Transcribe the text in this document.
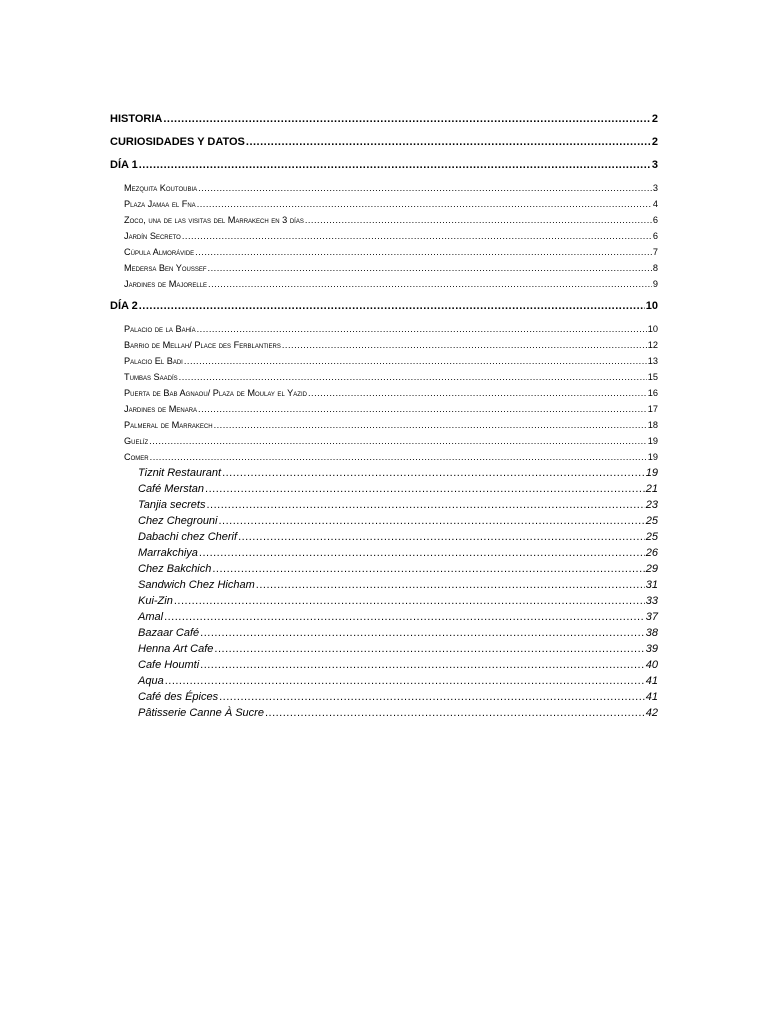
HISTORIA .....	2
CURIOSIDADES Y DATOS .....	2
DÍA 1 .....	3
Mezquita Koutoubia .....	3
Plaza Jamaa el Fna .....	4
Zoco, una de las visitas del Marrakech en 3 días .....	6
Jardín Secreto .....	6
Cúpula Almorávide .....	7
Medersa Ben Youssef .....	8
Jardines de Majorelle .....	9
DÍA 2 .....	10
Palacio de la Bahía .....	10
Barrio de Mellah/ Place des Ferblantiers .....	12
Palacio El Badi .....	13
Tumbas Saadís .....	15
Puerta de Bab Agnaou/ Plaza de Moulay el Yazid .....	16
Jardines de Menara .....	17
Palmeral de Marrakech .....	18
Guelíz .....	19
Comer .....	19
Tiznit Restaurant .....	19
Café Merstan .....	21
Tanjia secrets .....	23
Chez Chegrouni .....	25
Dabachi chez Cherif .....	25
Marrakchiya .....	26
Chez Bakchich .....	29
Sandwich Chez Hicham .....	31
Kui-Zin .....	33
Amal .....	37
Bazaar Café .....	38
Henna Art Cafe .....	39
Cafe Houmti .....	40
Aqua .....	41
Café des Épices .....	41
Pâtisserie Canne À Sucre .....	42
